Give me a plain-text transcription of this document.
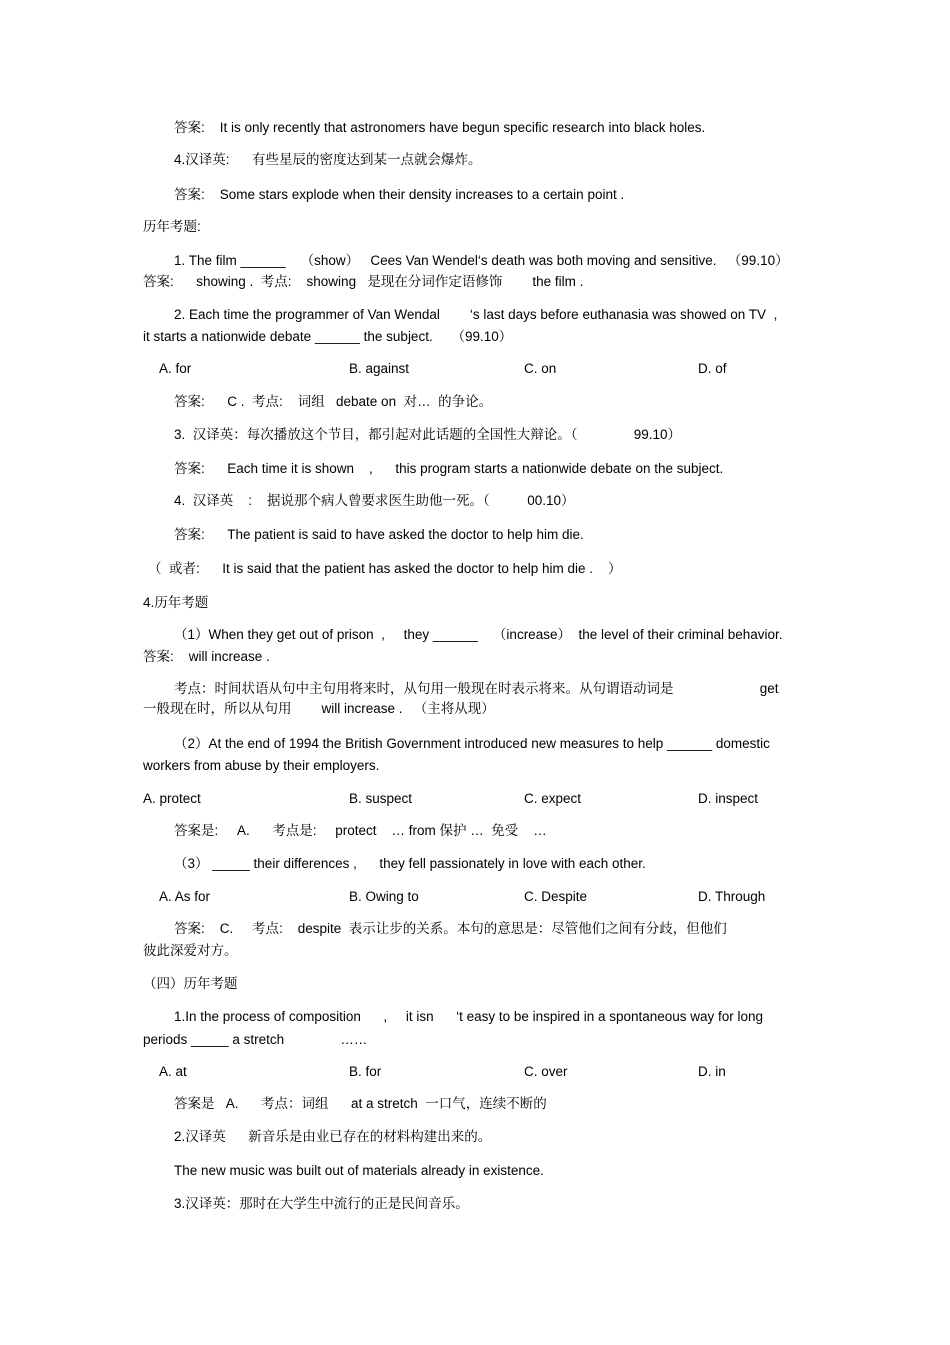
答案:    It is only recently that astronomers have begun specific research into black holes.
4.汉译英:      有些星辰的密度达到某一点就会爆炸。
答案:    Some stars explode when their density increases to a certain point .
历年考题:
1. The film ______    （show）   Cees Van Wendel‘s death was both moving and sensitive.   （99.10）
答案:      showing .  考点:    showing   是现在分词作定语修饰        the film .
2. Each time the programmer of Van Wendal        ‘s last days before euthanasia was showed on TV  ,
it starts a nationwide debate ______ the subject.     （99.10）
A. for	B. against	C. on	D. of
答案:      C .  考点:    词组   debate on  对…  的争论。
3.  汉译英：每次播放这个节目，都引起对此话题的全国性大辩论。（               99.10）
答案:      Each time it is shown    ,      this program starts a nationwide debate on the subject.
4.  汉译英    :    据说那个病人曾要求医生助他一死。（          00.10）
答案:      The patient is said to have asked the doctor to help him die.
（  或者:      It is said that the patient has asked the doctor to help him die .    ）
4.历年考题
（1）When they get out of prison  ,     they ______    （increase）  the level of their criminal behavior.
答案:    will increase .
考点：时间状语从句中主句用将来时，从句用一般现在时表示将来。从句谓语动词是                       get
一般现在时，所以从句用        will increase .   （主将从现）
（2）At the end of 1994 the British Government introduced new measures to help ______ domestic
workers from abuse by their employers.
A. protect	B. suspect	C. expect	D. inspect
答案是:     A.      考点是:     protect    … from 保护 …  免受    …
（3） _____ their differences ,      they fell passionately in love with each other.
A. As for	B. Owing to	C. Despite	D. Through
答案:    C.     考点:    despite  表示让步的关系。本句的意思是：尽管他们之间有分歧，但他们
彼此深爱对方。
（四）历年考题
1.In the process of composition      ,     it isn      ‘t easy to be inspired in a spontaneous way for long
periods _____ a stretch               ……
A. at	B. for	C. over	D. in
答案是   A.      考点：词组      at a stretch  一口气，连续不断的
2.汉译英      新音乐是由业已存在的材料构建出来的。
The new music was built out of materials already in existence.
3.汉译英：那时在大学生中流行的正是民间音乐。
